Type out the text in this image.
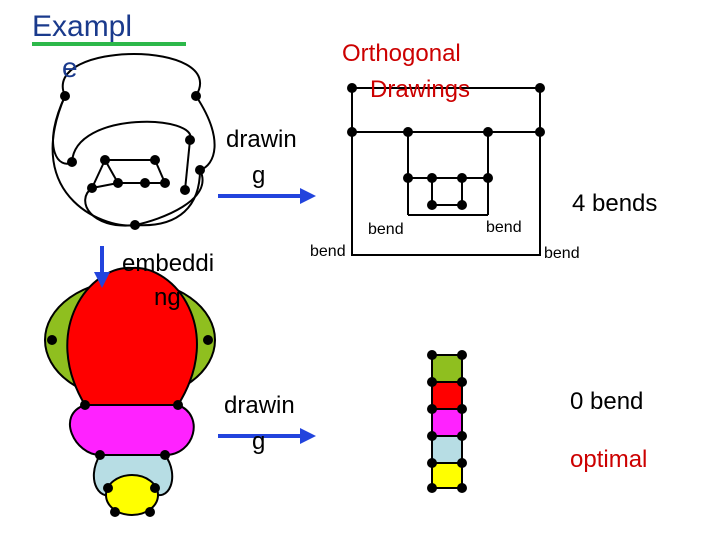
Exampl
e	Orthogonal
Drawings
drawin
g
bend	bend
bend	bend
4 bends
embeddi
ng
drawin
g
0 bend
optimal
